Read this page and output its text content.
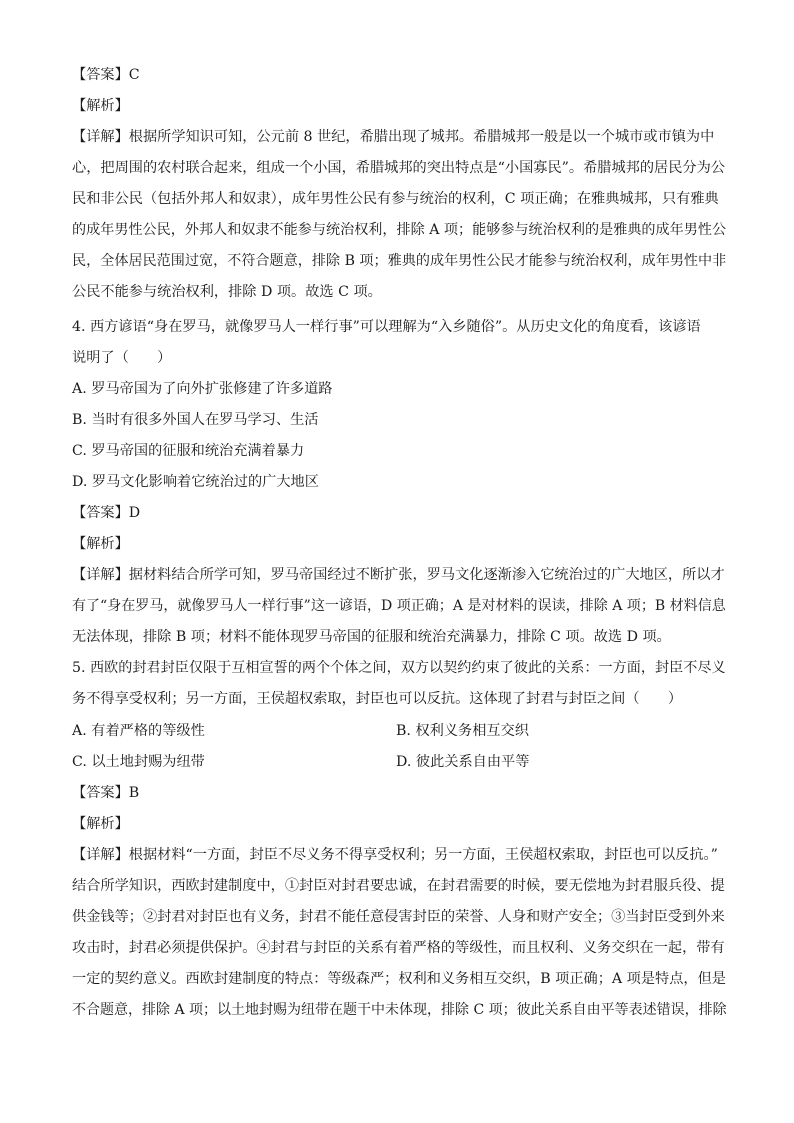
【答案】C
【解析】
【详解】根据所学知识可知，公元前 8 世纪，希腊出现了城邦。希腊城邦一般是以一个城市或市镇为中
心，把周围的农村联合起来，组成一个小国，希腊城邦的突出特点是“小国寡民”。希腊城邦的居民分为公
民和非公民（包括外邦人和奴隶），成年男性公民有参与统治的权利，C 项正确；在雅典城邦，只有雅典
的成年男性公民，外邦人和奴隶不能参与统治权利，排除 A 项；能够参与统治权利的是雅典的成年男性公
民，全体居民范围过宽，不符合题意，排除 B 项；雅典的成年男性公民才能参与统治权利，成年男性中非
公民不能参与统治权利，排除 D 项。故选 C 项。
4. 西方谚语“身在罗马，就像罗马人一样行事”可以理解为“入乡随俗”。从历史文化的角度看，该谚语
说明了（　　）
A. 罗马帝国为了向外扩张修建了许多道路
B. 当时有很多外国人在罗马学习、生活
C. 罗马帝国的征服和统治充满着暴力
D. 罗马文化影响着它统治过的广大地区
【答案】D
【解析】
【详解】据材料结合所学可知，罗马帝国经过不断扩张，罗马文化逐渐渗入它统治过的广大地区，所以才
有了“身在罗马，就像罗马人一样行事”这一谚语，D 项正确；A 是对材料的误读，排除 A 项；B 材料信息
无法体现，排除 B 项；材料不能体现罗马帝国的征服和统治充满暴力，排除 C 项。故选 D 项。
5. 西欧的封君封臣仅限于互相宣誓的两个个体之间，双方以契约约束了彼此的关系：一方面，封臣不尽义
务不得享受权利；另一方面，王侯超权索取，封臣也可以反抗。这体现了封君与封臣之间（　　）
A. 有着严格的等级性	B. 权利义务相互交织
C. 以土地封赐为纽带	D. 彼此关系自由平等
【答案】B
【解析】
【详解】根据材料“一方面，封臣不尽义务不得享受权利；另一方面，王侯超权索取，封臣也可以反抗。”
结合所学知识，西欧封建制度中，①封臣对封君要忠诚，在封君需要的时候，要无偿地为封君服兵役、提
供金钱等；②封君对封臣也有义务，封君不能任意侵害封臣的荣誉、人身和财产安全；③当封臣受到外来
攻击时，封君必须提供保护。④封君与封臣的关系有着严格的等级性，而且权利、义务交织在一起，带有
一定的契约意义。西欧封建制度的特点：等级森严；权利和义务相互交织，B 项正确；A 项是特点，但是
不合题意，排除 A 项；以土地封赐为纽带在题干中未体现，排除 C 项；彼此关系自由平等表述错误，排除
